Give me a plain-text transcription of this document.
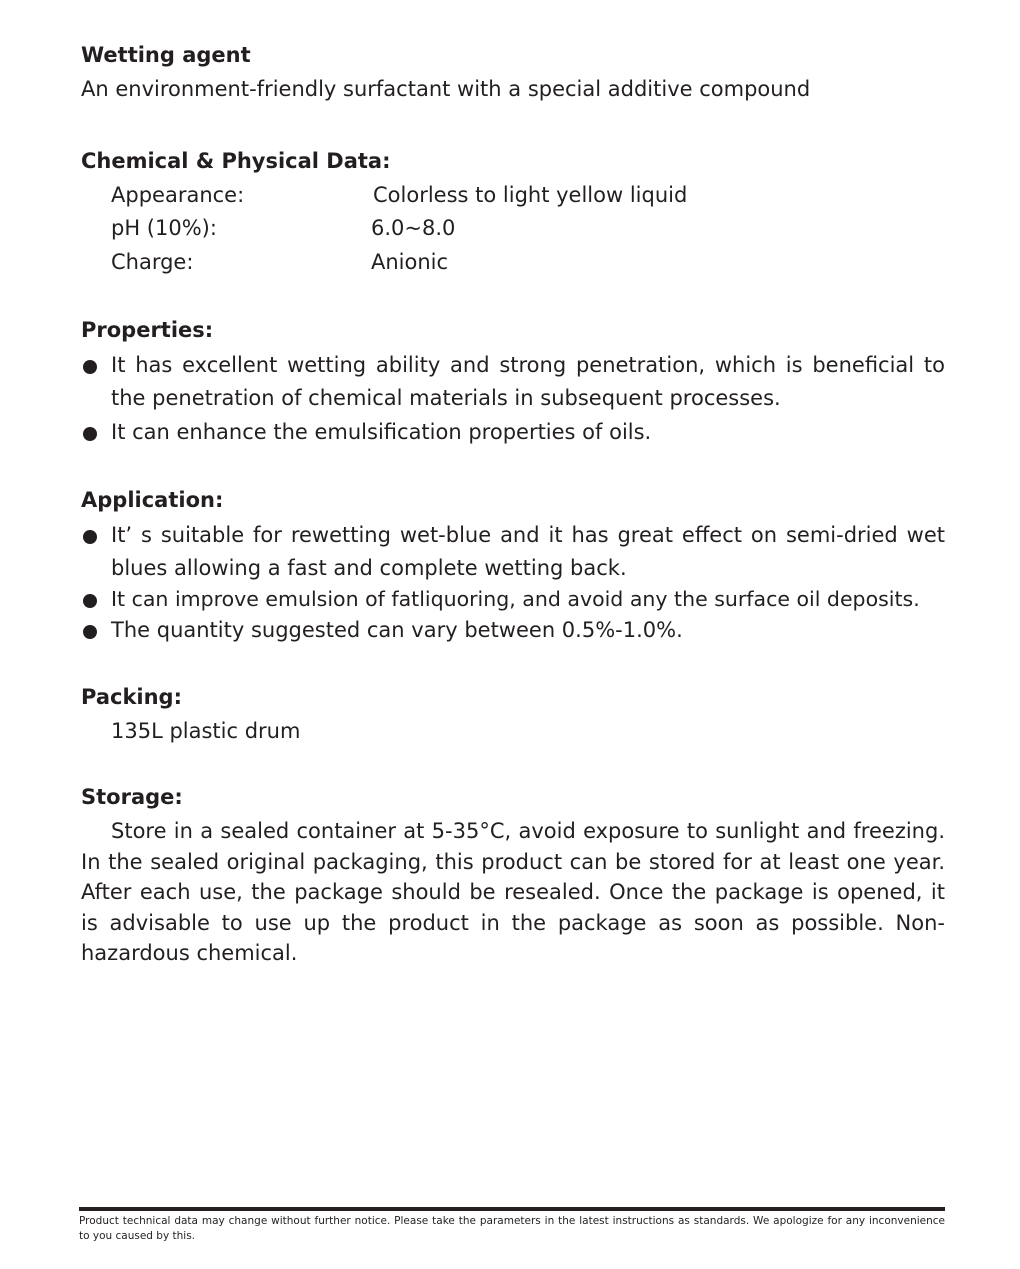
Wetting agent
An environment-friendly surfactant with a special additive compound
Chemical & Physical Data:
Appearance:	Colorless to light yellow liquid
pH (10%):	6.0~8.0
Charge:	Anionic
Properties:
It has excellent wetting ability and strong penetration, which is beneficial to the penetration of chemical materials in subsequent processes.
It can enhance the emulsification properties of oils.
Application:
It’ s suitable for rewetting wet-blue and it has great effect on semi-dried wet blues allowing a fast and complete wetting back.
It can improve emulsion of fatliquoring, and avoid any the surface oil deposits.
The quantity suggested can vary between 0.5%-1.0%.
Packing:
135L plastic drum
Storage:
Store in a sealed container at 5-35°C, avoid exposure to sunlight and freezing. In the sealed original packaging, this product can be stored for at least one year. After each use, the package should be resealed. Once the package is opened, it is advisable to use up the product in the package as soon as possible. Non-hazardous chemical.
Product technical data may change without further notice. Please take the parameters in the latest instructions as standards. We apologize for any inconvenience to you caused by this.
